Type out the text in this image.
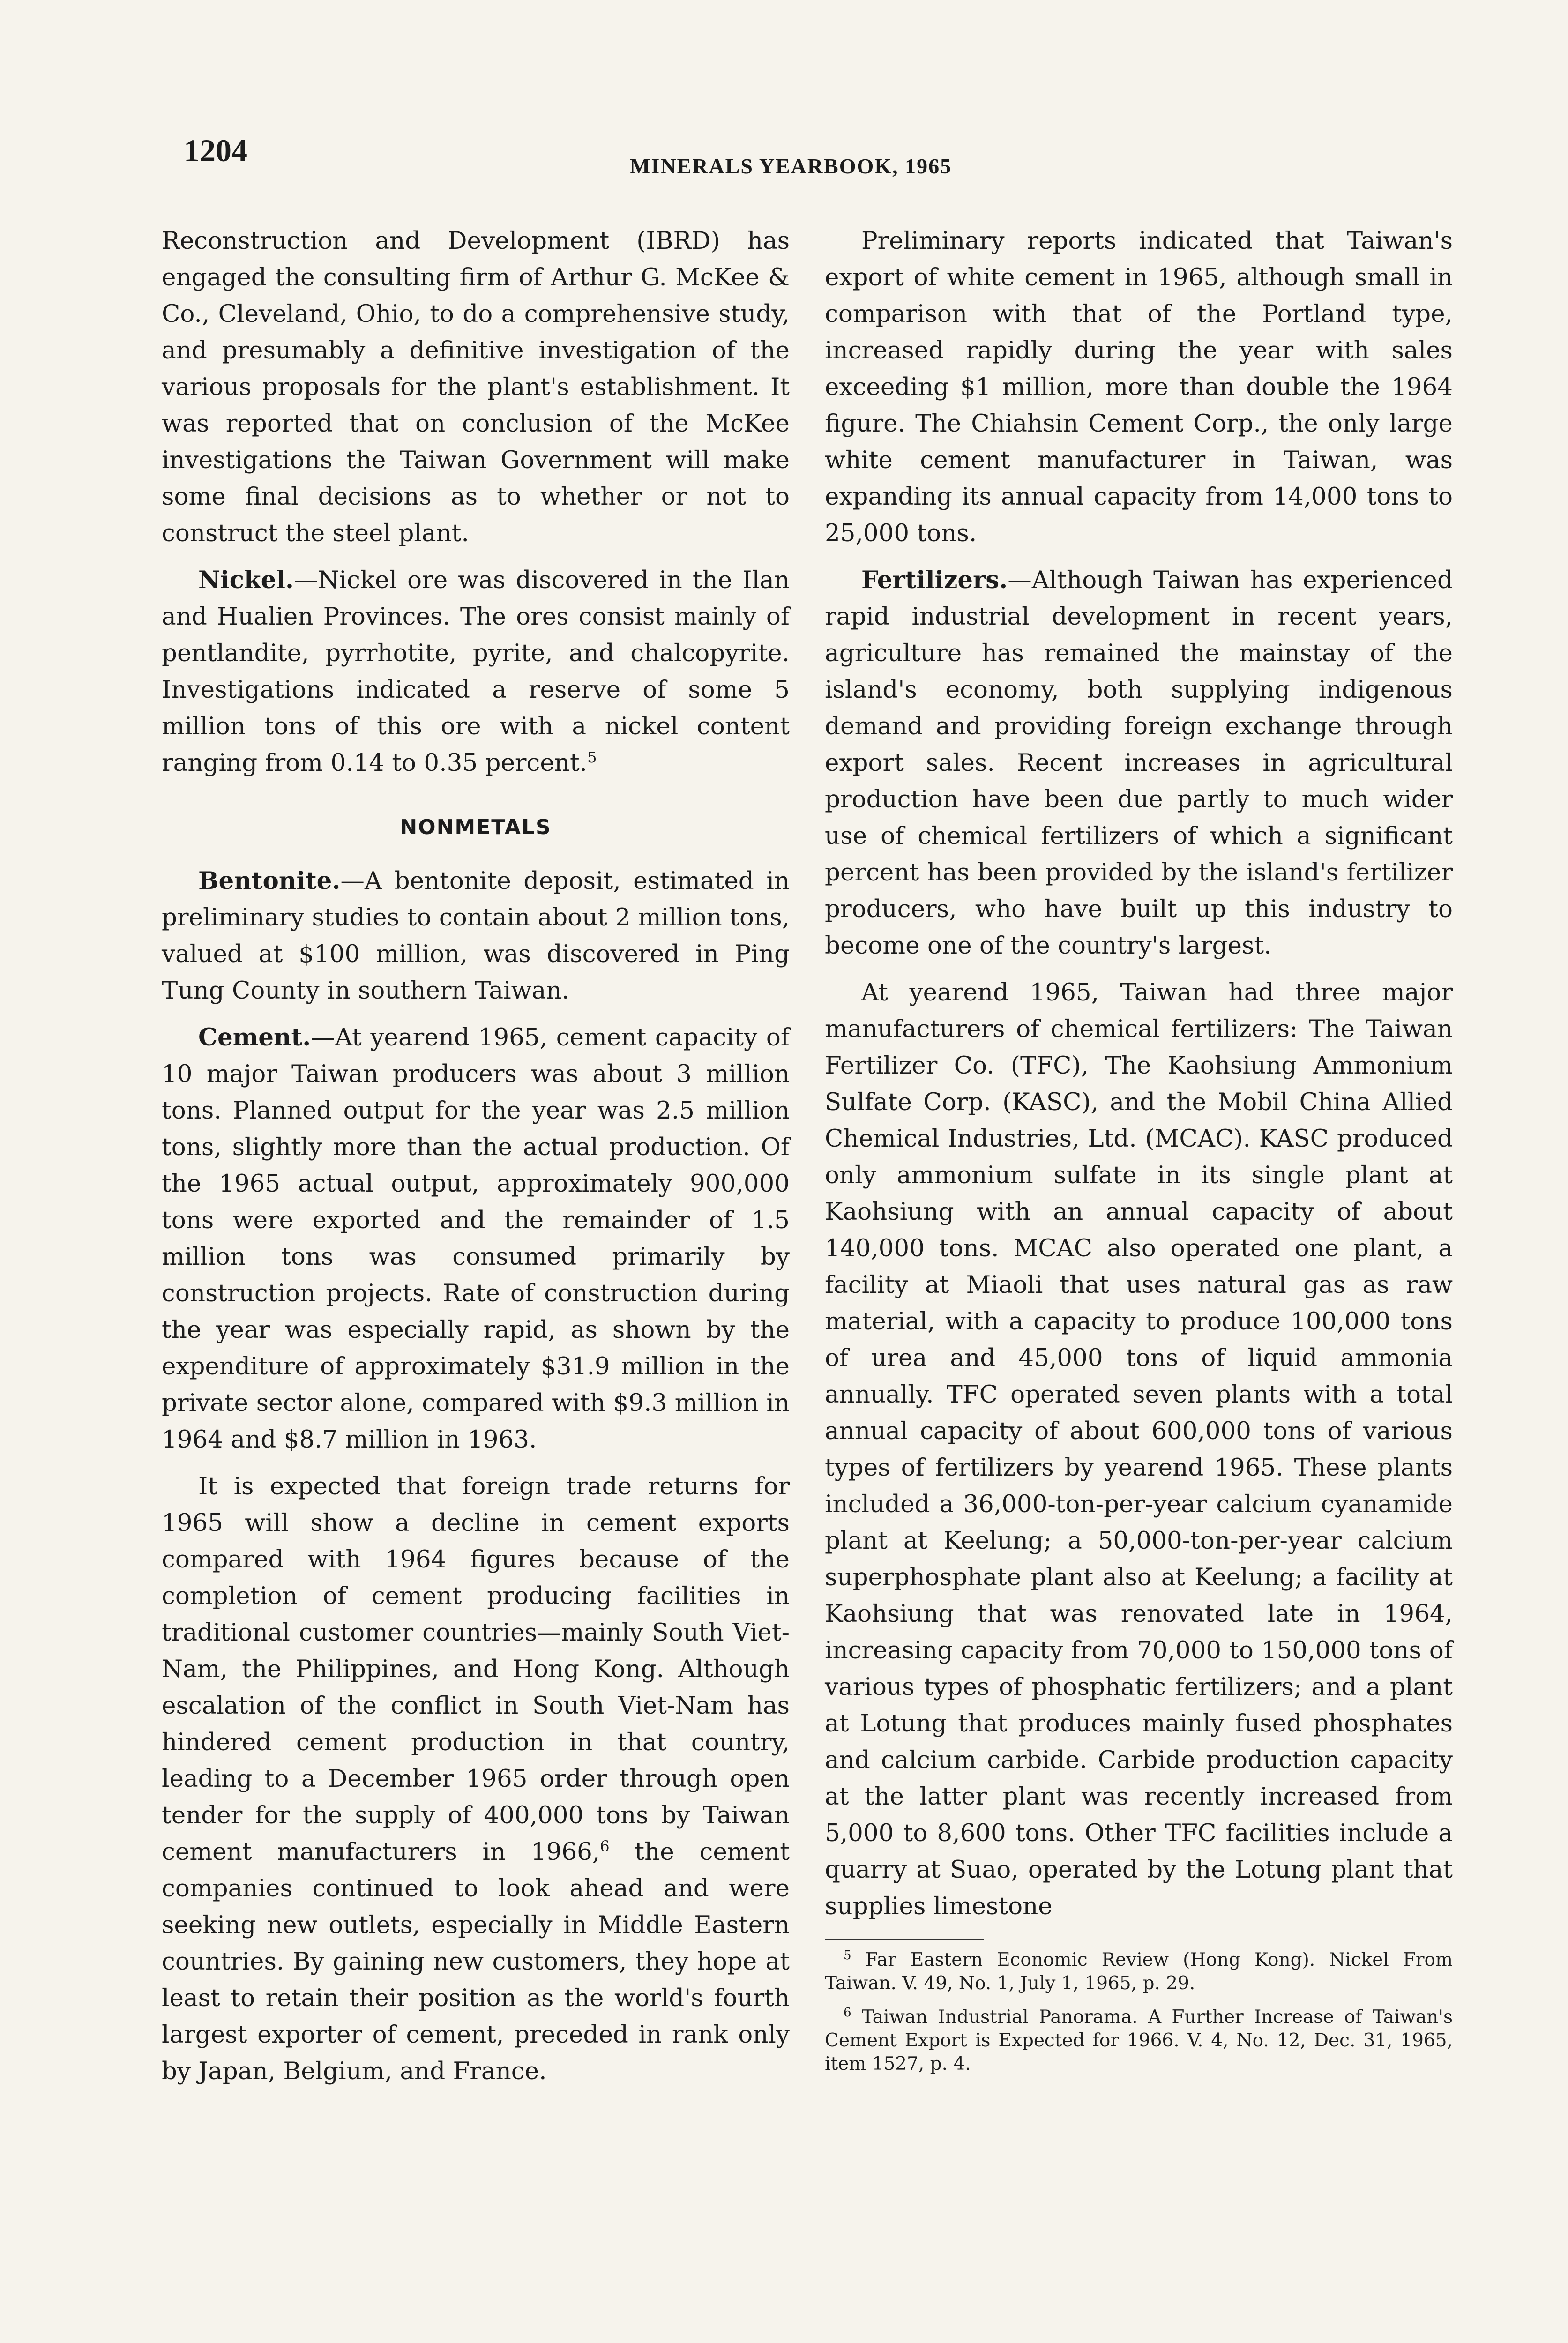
1204	MINERALS YEARBOOK, 1965

Reconstruction and Development (IBRD) has engaged the consulting firm of Arthur G. McKee & Co., Cleveland, Ohio, to do a comprehensive study, and presumably a definitive investigation of the various proposals for the plant's establishment. It was reported that on conclusion of the McKee investigations the Taiwan Government will make some final decisions as to whether or not to construct the steel plant.

Nickel.—Nickel ore was discovered in the Ilan and Hualien Provinces. The ores consist mainly of pentlandite, pyrrhotite, pyrite, and chalcopyrite. Investigations indicated a reserve of some 5 million tons of this ore with a nickel content ranging from 0.14 to 0.35 percent.$^5$

NONMETALS

Bentonite.—A bentonite deposit, estimated in preliminary studies to contain about 2 million tons, valued at $100 million, was discovered in Ping Tung County in southern Taiwan.

Cement.—At yearend 1965, cement capacity of 10 major Taiwan producers was about 3 million tons. Planned output for the year was 2.5 million tons, slightly more than the actual production. Of the 1965 actual output, approximately 900,000 tons were exported and the remainder of 1.5 million tons was consumed primarily by construction projects. Rate of construction during the year was especially rapid, as shown by the expenditure of approximately $31.9 million in the private sector alone, compared with $9.3 million in 1964 and $8.7 million in 1963.

It is expected that foreign trade returns for 1965 will show a decline in cement exports compared with 1964 figures because of the completion of cement producing facilities in traditional customer countries—mainly South Viet-Nam, the Philippines, and Hong Kong. Although escalation of the conflict in South Viet-Nam has hindered cement production in that country, leading to a December 1965 order through open tender for the supply of 400,000 tons by Taiwan cement manufacturers in 1966,$^6$ the cement companies continued to look ahead and were seeking new outlets, especially in Middle Eastern countries. By gaining new customers, they hope at least to retain their position as the world's fourth largest exporter of cement, preceded in rank only by Japan, Belgium, and France.

Preliminary reports indicated that Taiwan's export of white cement in 1965, although small in comparison with that of the Portland type, increased rapidly during the year with sales exceeding $1 million, more than double the 1964 figure. The Chiahsin Cement Corp., the only large white cement manufacturer in Taiwan, was expanding its annual capacity from 14,000 tons to 25,000 tons.

Fertilizers.—Although Taiwan has experienced rapid industrial development in recent years, agriculture has remained the mainstay of the island's economy, both supplying indigenous demand and providing foreign exchange through export sales. Recent increases in agricultural production have been due partly to much wider use of chemical fertilizers of which a significant percent has been provided by the island's fertilizer producers, who have built up this industry to become one of the country's largest.

At yearend 1965, Taiwan had three major manufacturers of chemical fertilizers: The Taiwan Fertilizer Co. (TFC), The Kaohsiung Ammonium Sulfate Corp. (KASC), and the Mobil China Allied Chemical Industries, Ltd. (MCAC). KASC produced only ammonium sulfate in its single plant at Kaohsiung with an annual capacity of about 140,000 tons. MCAC also operated one plant, a facility at Miaoli that uses natural gas as raw material, with a capacity to produce 100,000 tons of urea and 45,000 tons of liquid ammonia annually. TFC operated seven plants with a total annual capacity of about 600,000 tons of various types of fertilizers by yearend 1965. These plants included a 36,000-ton-per-year calcium cyanamide plant at Keelung; a 50,000-ton-per-year calcium superphosphate plant also at Keelung; a facility at Kaohsiung that was renovated late in 1964, increasing capacity from 70,000 to 150,000 tons of various types of phosphatic fertilizers; and a plant at Lotung that produces mainly fused phosphates and calcium carbide. Carbide production capacity at the latter plant was recently increased from 5,000 to 8,600 tons. Other TFC facilities include a quarry at Suao, operated by the Lotung plant that supplies limestone

$^5$ Far Eastern Economic Review (Hong Kong). Nickel From Taiwan. V. 49, No. 1, July 1, 1965, p. 29.

$^6$ Taiwan Industrial Panorama. A Further Increase of Taiwan's Cement Export is Expected for 1966. V. 4, No. 12, Dec. 31, 1965, item 1527, p. 4.
